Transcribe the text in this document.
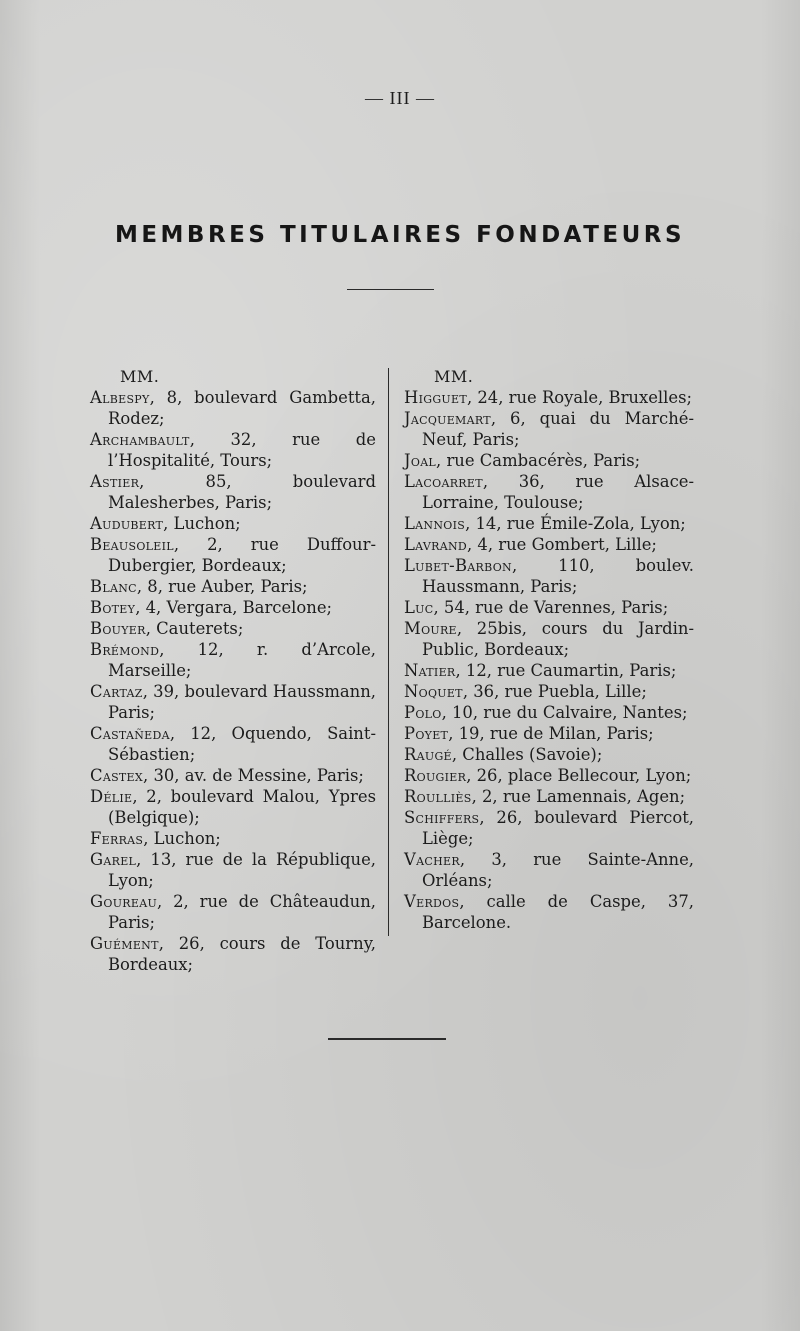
— III —
MEMBRES TITULAIRES FONDATEURS
MM.
Albespy, 8, boulevard Gambetta, Rodez;
Archambault, 32, rue de l’Hospitalité, Tours;
Astier, 85, boulevard Malesherbes, Paris;
Audubert, Luchon;
Beausoleil, 2, rue Duffour-Dubergier, Bordeaux;
Blanc, 8, rue Auber, Paris;
Botey, 4, Vergara, Barcelone;
Bouyer, Cauterets;
Brémond, 12, r. d’Arcole, Marseille;
Cartaz, 39, boulevard Haussmann, Paris;
Castañeda, 12, Oquendo, Saint-Sébastien;
Castex, 30, av. de Messine, Paris;
Délie, 2, boulevard Malou, Ypres (Belgique);
Ferras, Luchon;
Garel, 13, rue de la République, Lyon;
Goureau, 2, rue de Châteaudun, Paris;
Guément, 26, cours de Tourny, Bordeaux;
MM.
Higguet, 24, rue Royale, Bruxelles;
Jacquemart, 6, quai du Marché-Neuf, Paris;
Joal, rue Cambacérès, Paris;
Lacoarret, 36, rue Alsace-Lorraine, Toulouse;
Lannois, 14, rue Émile-Zola, Lyon;
Lavrand, 4, rue Gombert, Lille;
Lubet-Barbon, 110, boulev. Haussmann, Paris;
Luc, 54, rue de Varennes, Paris;
Moure, 25bis, cours du Jardin-Public, Bordeaux;
Natier, 12, rue Caumartin, Paris;
Noquet, 36, rue Puebla, Lille;
Polo, 10, rue du Calvaire, Nantes;
Poyet, 19, rue de Milan, Paris;
Raugé, Challes (Savoie);
Rougier, 26, place Bellecour, Lyon;
Roulliès, 2, rue Lamennais, Agen;
Schiffers, 26, boulevard Piercot, Liège;
Vacher, 3, rue Sainte-Anne, Orléans;
Verdos, calle de Caspe, 37, Barcelone.
